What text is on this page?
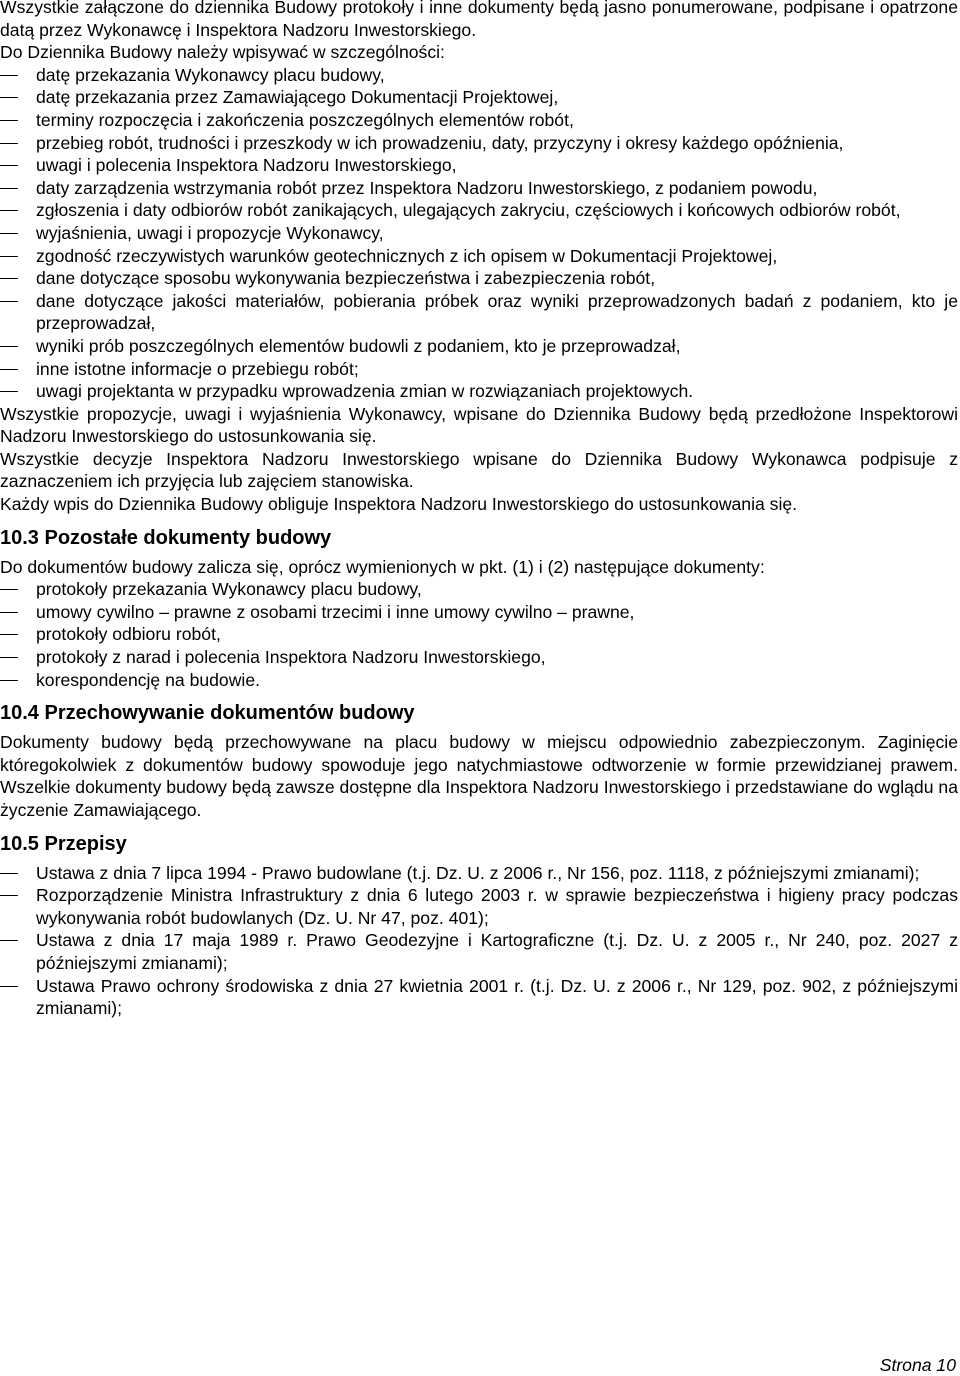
Wszystkie załączone do dziennika Budowy protokoły i inne dokumenty będą jasno ponumerowane, podpisane i opatrzone datą przez Wykonawcę i Inspektora Nadzoru Inwestorskiego.

Do Dziennika Budowy należy wpisywać w szczególności:

datę przekazania Wykonawcy placu budowy,
datę przekazania przez Zamawiającego Dokumentacji Projektowej,
terminy rozpoczęcia i zakończenia poszczególnych elementów robót,
przebieg robót, trudności i przeszkody w ich prowadzeniu, daty, przyczyny i okresy każdego opóźnienia,
uwagi i polecenia Inspektora Nadzoru Inwestorskiego,
daty zarządzenia wstrzymania robót przez Inspektora Nadzoru Inwestorskiego, z podaniem powodu,
zgłoszenia i daty odbiorów robót zanikających, ulegających zakryciu, częściowych i końcowych odbiorów robót,
wyjaśnienia, uwagi i propozycje Wykonawcy,
zgodność rzeczywistych warunków geotechnicznych z ich opisem w Dokumentacji Projektowej,
dane dotyczące sposobu wykonywania bezpieczeństwa i zabezpieczenia robót,
dane dotyczące jakości materiałów, pobierania próbek oraz wyniki przeprowadzonych badań z podaniem, kto je przeprowadzał,
wyniki prób poszczególnych elementów budowli z podaniem, kto je przeprowadzał,
inne istotne informacje o przebiegu robót;
uwagi projektanta w przypadku wprowadzenia zmian w rozwiązaniach projektowych.

Wszystkie propozycje, uwagi i wyjaśnienia Wykonawcy, wpisane do Dziennika Budowy będą przedłożone Inspektorowi Nadzoru Inwestorskiego do ustosunkowania się.

Wszystkie decyzje Inspektora Nadzoru Inwestorskiego wpisane do Dziennika Budowy Wykonawca podpisuje z zaznaczeniem ich przyjęcia lub zajęciem stanowiska.

Każdy wpis do Dziennika Budowy obliguje Inspektora Nadzoru Inwestorskiego do ustosunkowania się.

10.3 Pozostałe dokumenty budowy

Do dokumentów budowy zalicza się, oprócz wymienionych w pkt. (1) i (2) następujące dokumenty:

protokoły przekazania Wykonawcy placu budowy,
umowy cywilno – prawne z osobami trzecimi i inne umowy cywilno – prawne,
protokoły odbioru robót,
protokoły z narad i polecenia Inspektora Nadzoru Inwestorskiego,
korespondencję na budowie.
10.4 Przechowywanie dokumentów budowy

Dokumenty budowy będą przechowywane na placu budowy w miejscu odpowiednio zabezpieczonym. Zaginięcie któregokolwiek z dokumentów budowy spowoduje jego natychmiastowe odtworzenie w formie przewidzianej prawem. Wszelkie dokumenty budowy będą zawsze dostępne dla Inspektora Nadzoru Inwestorskiego i przedstawiane do wglądu na życzenie Zamawiającego.

10.5 Przepisy
Ustawa z dnia 7 lipca 1994 - Prawo budowlane (t.j. Dz. U. z 2006 r., Nr 156, poz. 1118, z późniejszymi zmianami);
Rozporządzenie Ministra Infrastruktury z dnia 6 lutego 2003 r. w sprawie bezpieczeństwa i higieny pracy podczas wykonywania robót budowlanych (Dz. U. Nr 47, poz. 401);
Ustawa z dnia 17 maja 1989 r. Prawo Geodezyjne i Kartograficzne (t.j. Dz. U. z 2005 r., Nr 240, poz. 2027 z późniejszymi zmianami);
Ustawa Prawo ochrony środowiska z dnia 27 kwietnia 2001 r. (t.j. Dz. U. z 2006 r., Nr 129, poz. 902, z późniejszymi zmianami);
Strona 10
